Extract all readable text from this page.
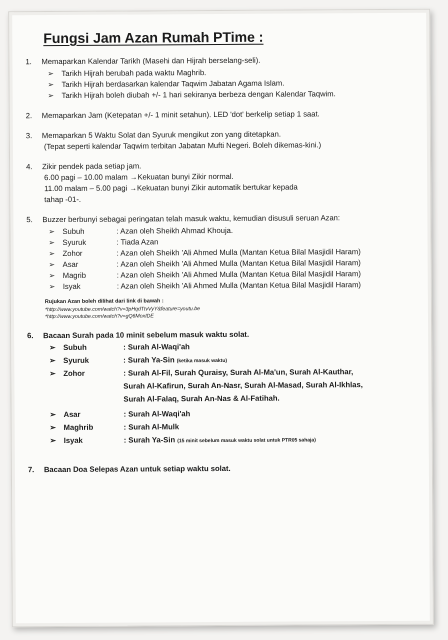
Fungsi Jam Azan Rumah PTime :
1.	Memaparkan Kalendar Tarikh (Masehi dan Hijrah berselang-seli).
➢ Tarikh Hijrah berubah pada waktu Maghrib.
➢ Tarikh Hijrah berdasarkan kalendar Taqwim Jabatan Agama Islam.
➢ Tarikh Hijrah boleh diubah +/- 1 hari sekiranya berbeza dengan Kalendar Taqwim.
2.	Memaparkan Jam (Ketepatan +/- 1 minit setahun). LED 'dot' berkelip setiap 1 saat.
3.	Memaparkan 5 Waktu Solat dan Syuruk mengikut zon yang ditetapkan.
(Tepat seperti kalendar Taqwim terbitan Jabatan Mufti Negeri. Boleh dikemas-kini.)
4.	Zikir pendek pada setiap jam.
6.00 pagi – 10.00 malam →Kekuatan bunyi Zikir normal.
11.00 malam – 5.00 pagi →Kekuatan bunyi Zikir automatik bertukar kepada
tahap -01-.
5.	Buzzer berbunyi sebagai peringatan telah masuk waktu, kemudian disusuli seruan Azan:
➢ Subuh	: Azan oleh Sheikh Ahmad Khouja.
➢ Syuruk	: Tiada Azan
➢ Zohor	: Azan oleh Sheikh 'Ali Ahmed Mulla (Mantan Ketua Bilal Masjidil Haram)
➢ Asar	: Azan oleh Sheikh 'Ali Ahmed Mulla (Mantan Ketua Bilal Masjidil Haram)
➢ Magrib	: Azan oleh Sheikh 'Ali Ahmed Mulla (Mantan Ketua Bilal Masjidil Haram)
➢ Isyak	: Azan oleh Sheikh 'Ali Ahmed Mulla (Mantan Ketua Bilal Masjidil Haram)
Rujukan Azan boleh dilihat dari link di bawah :
*http://www.youtube.com/watch?v=3pHqdTtvVyY&feature=youtu.be
*http://www.youtube.com/watch?v=gQ6MoxIDE
6.	Bacaan Surah pada 10 minit sebelum masuk waktu solat.
➢ Subuh	: Surah Al-Waqi'ah
➢ Syuruk	: Surah Ya-Sin (ketika masuk waktu)
➢ Zohor	: Surah Al-Fil, Surah Quraisy, Surah Al-Ma'un, Surah Al-Kauthar,
Surah Al-Kafirun, Surah An-Nasr, Surah Al-Masad, Surah Al-Ikhlas,
Surah Al-Falaq, Surah An-Nas & Al-Fatihah.
➢ Asar	: Surah Al-Waqi'ah
➢ Maghrib	: Surah Al-Mulk
➢ Isyak	: Surah Ya-Sin (15 minit sebelum masuk waktu solat untuk PTR05 sahaja)
7.	Bacaan Doa Selepas Azan untuk setiap waktu solat.
